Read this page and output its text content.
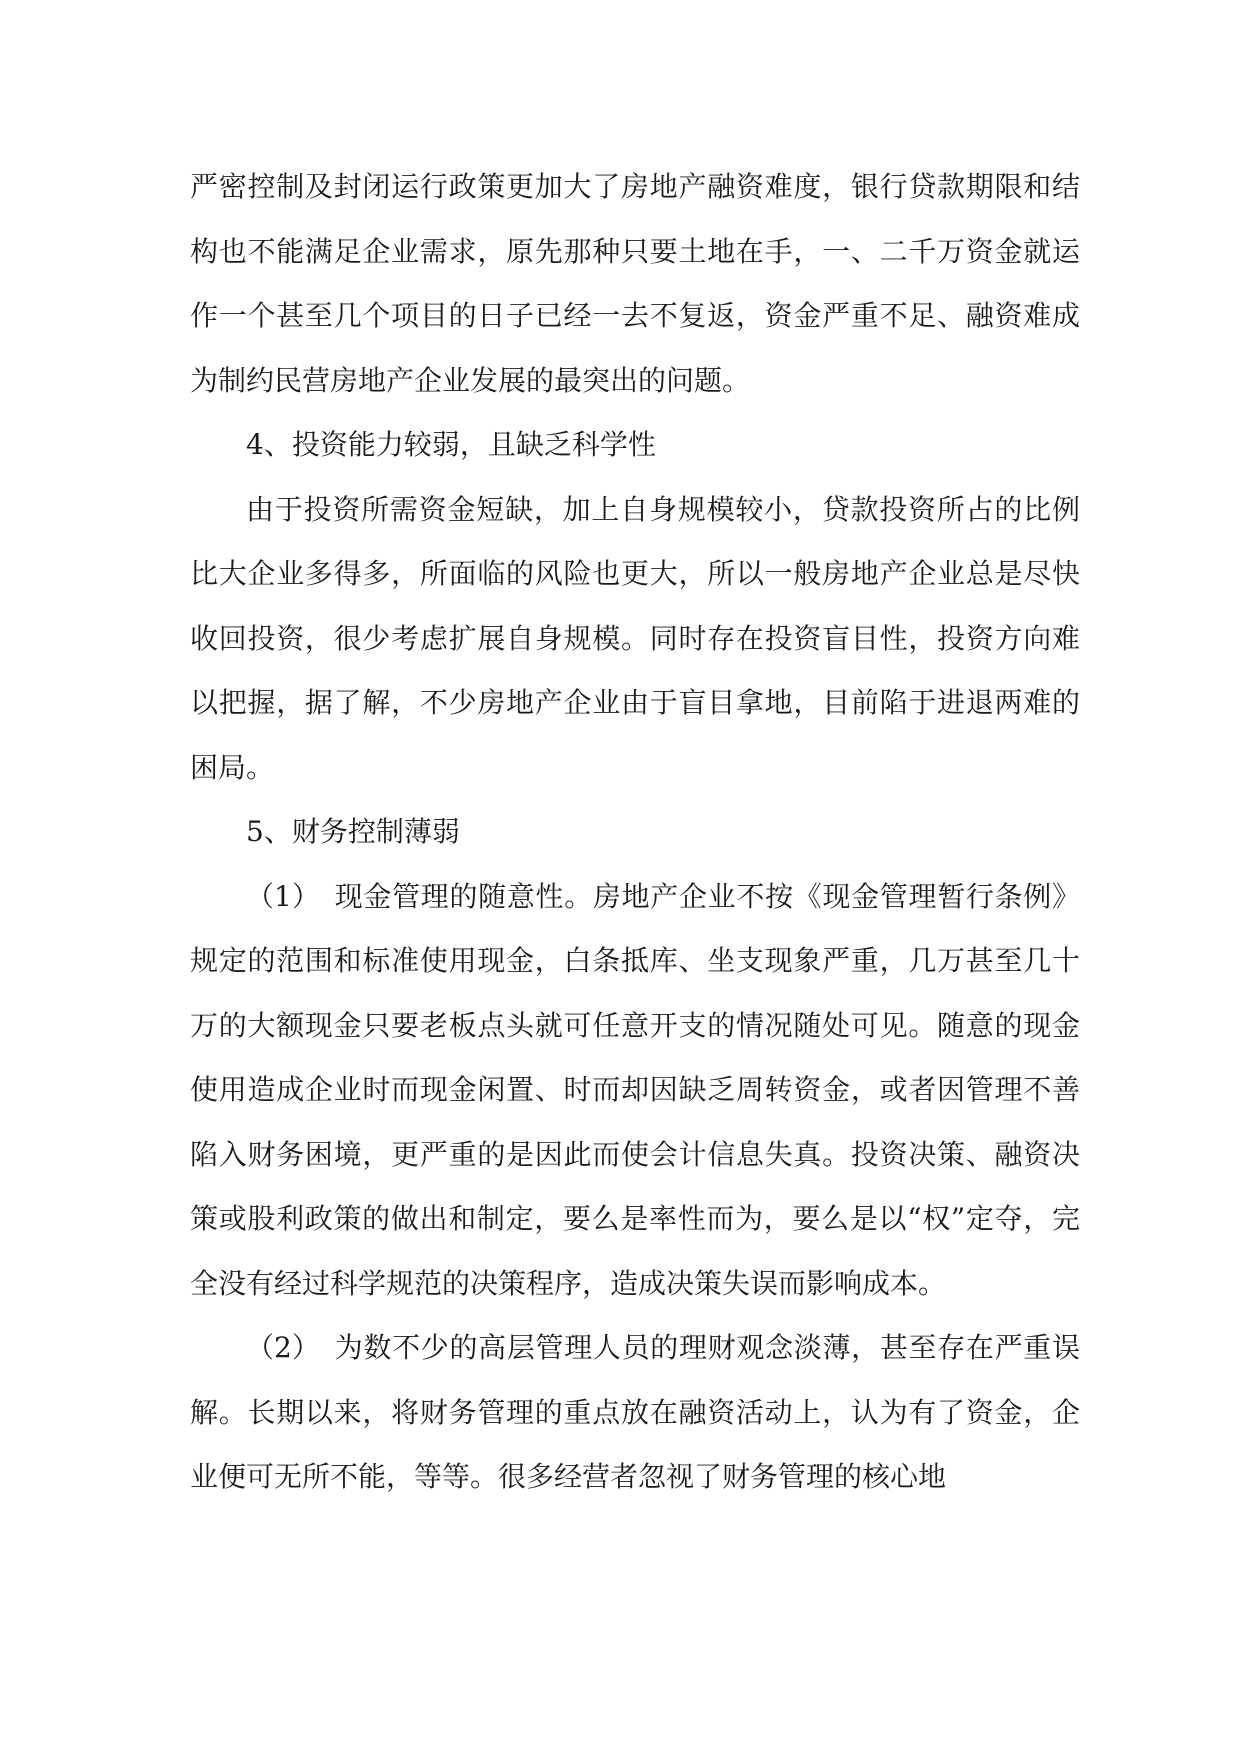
严密控制及封闭运行政策更加大了房地产融资难度，银行贷款期限和结构也不能满足企业需求，原先那种只要土地在手，一、二千万资金就运作一个甚至几个项目的日子已经一去不复返，资金严重不足、融资难成为制约民营房地产企业发展的最突出的问题。

4、投资能力较弱，且缺乏科学性

由于投资所需资金短缺，加上自身规模较小，贷款投资所占的比例比大企业多得多，所面临的风险也更大，所以一般房地产企业总是尽快收回投资，很少考虑扩展自身规模。同时存在投资盲目性，投资方向难以把握，据了解，不少房地产企业由于盲目拿地，目前陷于进退两难的困局。

5、财务控制薄弱

（1） 现金管理的随意性。房地产企业不按《现金管理暂行条例》规定的范围和标准使用现金，白条抵库、坐支现象严重，几万甚至几十万的大额现金只要老板点头就可任意开支的情况随处可见。随意的现金使用造成企业时而现金闲置、时而却因缺乏周转资金，或者因管理不善陷入财务困境，更严重的是因此而使会计信息失真。投资决策、融资决策或股利政策的做出和制定，要么是率性而为，要么是以“权”定夺，完全没有经过科学规范的决策程序，造成决策失误而影响成本。

（2） 为数不少的高层管理人员的理财观念淡薄，甚至存在严重误解。长期以来，将财务管理的重点放在融资活动上，认为有了资金，企业便可无所不能，等等。很多经营者忽视了财务管理的核心地
